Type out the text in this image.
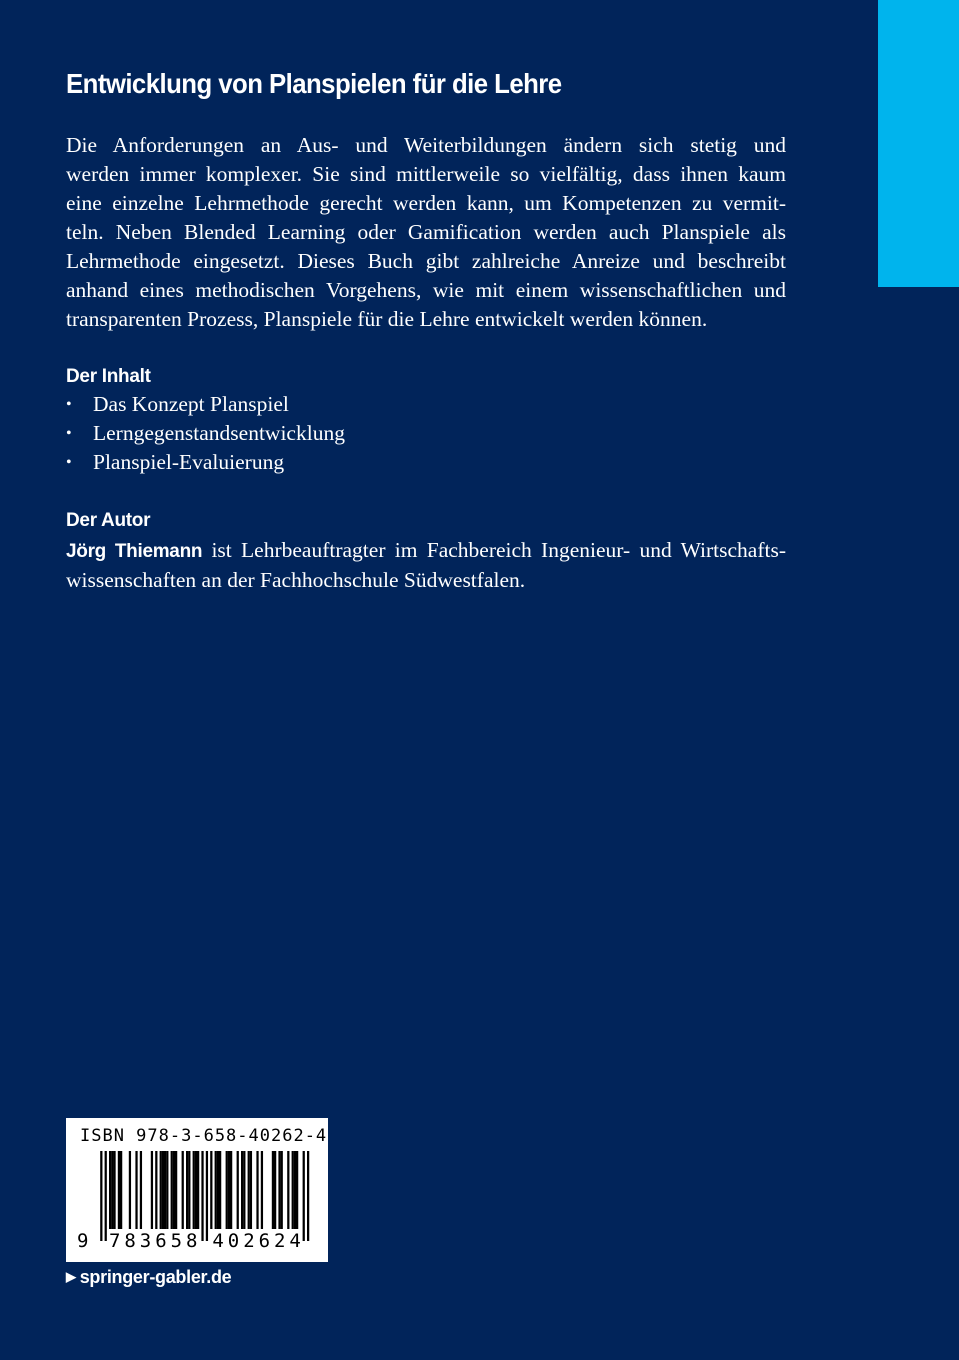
Entwicklung von Planspielen für die Lehre

Die Anforderungen an Aus- und Weiterbildungen ändern sich stetig und
werden immer komplexer. Sie sind mittlerweile so vielfältig, dass ihnen kaum
eine einzelne Lehrmethode gerecht werden kann, um Kompetenzen zu vermit-
teln. Neben Blended Learning oder Gamification werden auch Planspiele als
Lehrmethode eingesetzt. Dieses Buch gibt zahlreiche Anreize und beschreibt
anhand eines methodischen Vorgehens, wie mit einem wissenschaftlichen und
transparenten Prozess, Planspiele für die Lehre entwickelt werden können.

Der Inhalt
• Das Konzept Planspiel
• Lerngegenstandsentwicklung
• Planspiel-Evaluierung
Der Autor

Jörg Thiemann ist Lehrbeauftragter im Fachbereich Ingenieur- und Wirtschafts-
wissenschaften an der Fachhochschule Südwestfalen.

ISBN 978-3-658-40262-4
9 7 8 3 6 5 8 4 0 2 6 2 4
▶ springer-gabler.de
